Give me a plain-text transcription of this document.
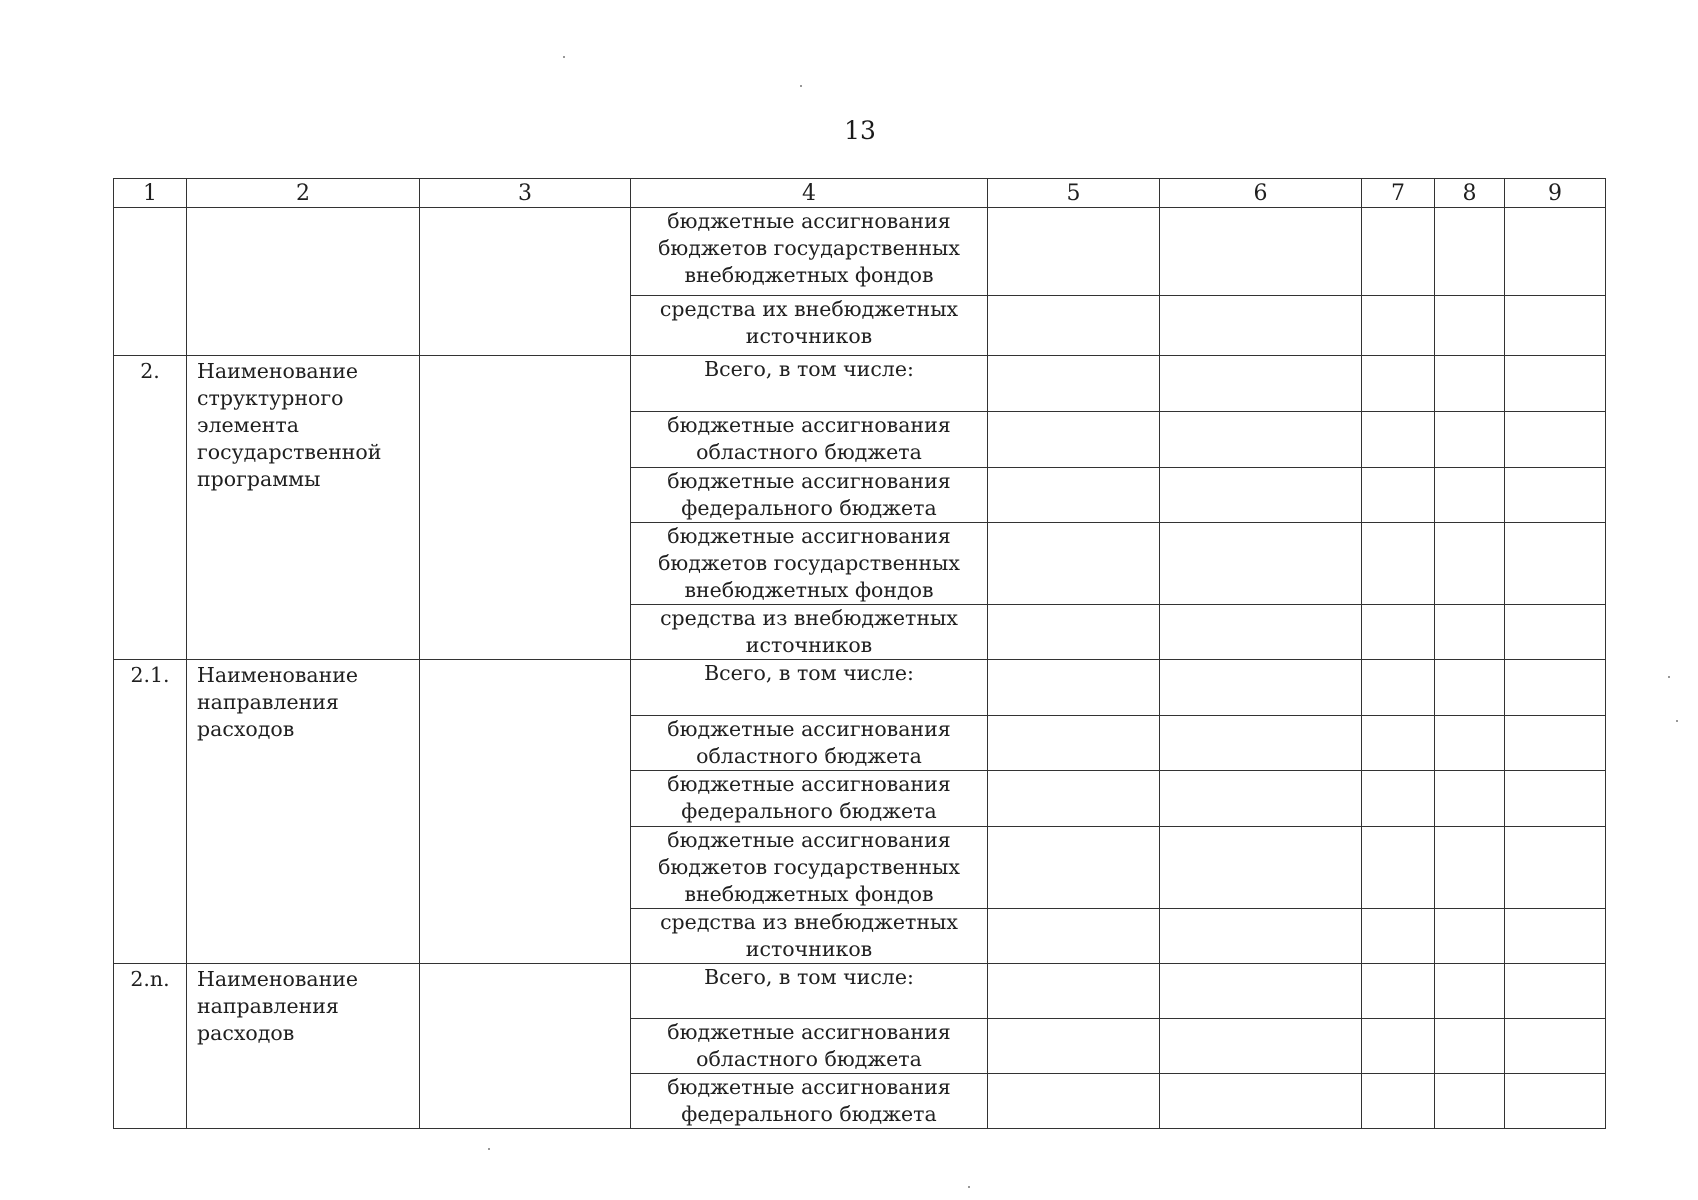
13
1	2	3	4	5	6	7	8	9
			бюджетные ассигнования бюджетов государственных внебюджетных фондов					
			средства их внебюджетных источников					
2.	Наименование структурного элемента государственной программы		Всего, в том числе:					
			бюджетные ассигнования областного бюджета					
			бюджетные ассигнования федерального бюджета					
			бюджетные ассигнования бюджетов государственных внебюджетных фондов					
			средства из внебюджетных источников					
2.1.	Наименование направления расходов		Всего, в том числе:					
			бюджетные ассигнования областного бюджета					
			бюджетные ассигнования федерального бюджета					
			бюджетные ассигнования бюджетов государственных внебюджетных фондов					
			средства из внебюджетных источников					
2.n.	Наименование направления расходов		Всего, в том числе:					
			бюджетные ассигнования областного бюджета					
			бюджетные ассигнования федерального бюджета					
